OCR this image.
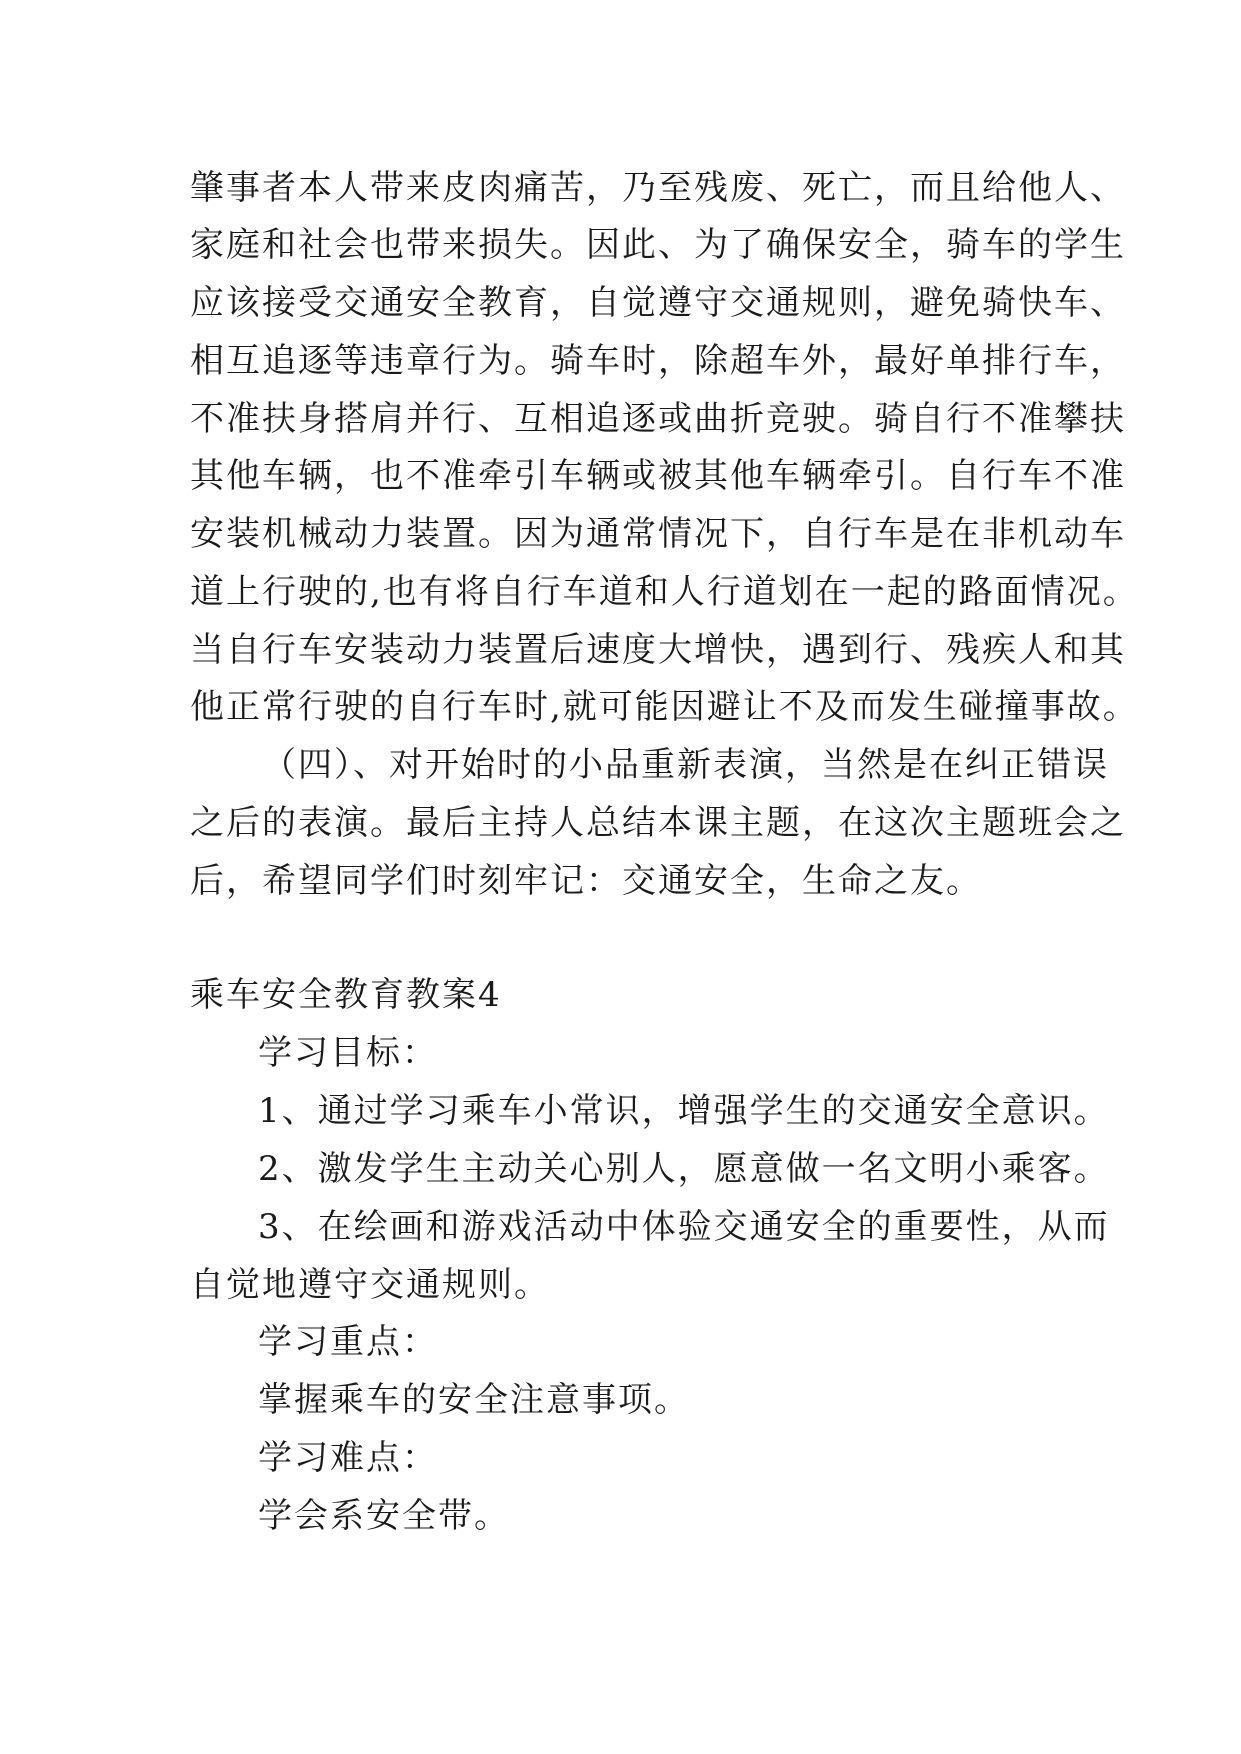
肇事者本人带来皮肉痛苦，乃至残废、死亡，而且给他人、
家庭和社会也带来损失。因此、为了确保安全，骑车的学生
应该接受交通安全教育，自觉遵守交通规则，避免骑快车、
相互追逐等违章行为。骑车时，除超车外，最好单排行车，
不准扶身搭肩并行、互相追逐或曲折竞驶。骑自行不准攀扶
其他车辆，也不准牵引车辆或被其他车辆牵引。自行车不准
安装机械动力装置。因为通常情况下，自行车是在非机动车
道上行驶的,也有将自行车道和人行道划在一起的路面情况。
当自行车安装动力装置后速度大增快，遇到行、残疾人和其
他正常行驶的自行车时,就可能因避让不及而发生碰撞事故。
（四）、对开始时的小品重新表演，当然是在纠正错误
之后的表演。最后主持人总结本课主题，在这次主题班会之
后，希望同学们时刻牢记：交通安全，生命之友。
乘车安全教育教案4
学习目标：
1、通过学习乘车小常识，增强学生的交通安全意识。
2、激发学生主动关心别人，愿意做一名文明小乘客。
3、在绘画和游戏活动中体验交通安全的重要性，从而
自觉地遵守交通规则。
学习重点：
掌握乘车的安全注意事项。
学习难点：
学会系安全带。
